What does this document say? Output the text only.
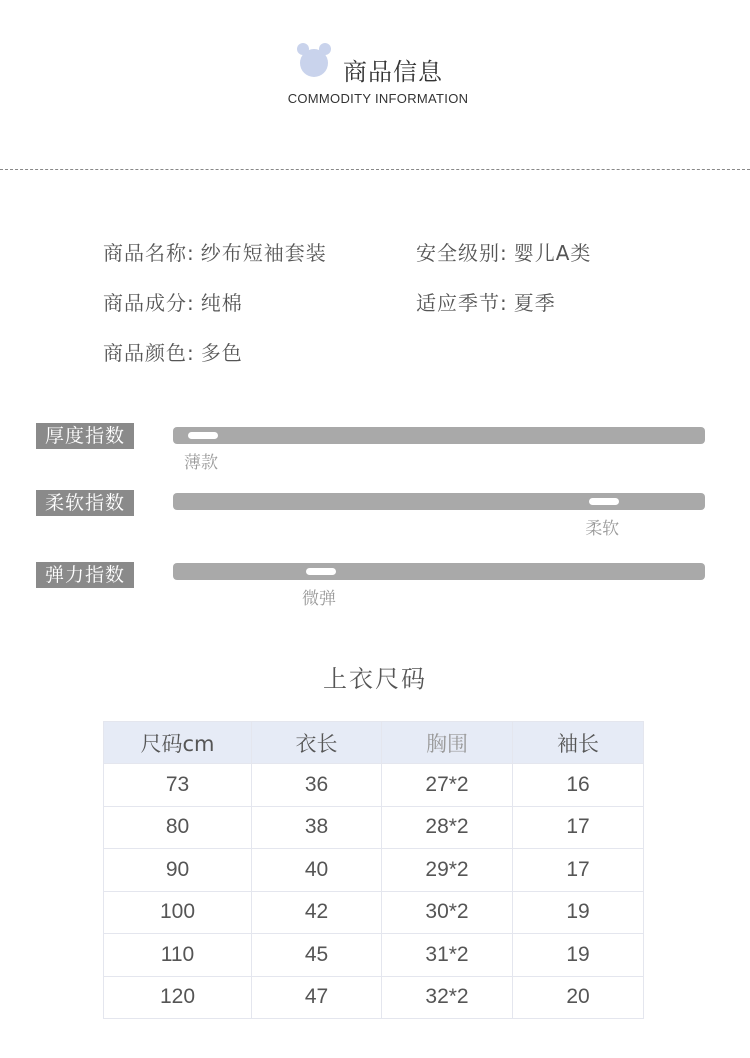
商品信息
COMMODITY INFORMATION
商品名称: 纱布短袖套装	安全级别: 婴儿A类
商品成分: 纯棉	适应季节: 夏季
商品颜色: 多色
厚度指数
薄款
柔软指数
柔软
弹力指数
微弹
上衣尺码
尺码cm	衣长	胸围	袖长
73	36	27*2	16
80	38	28*2	17
90	40	29*2	17
100	42	30*2	19
110	45	31*2	19
120	47	32*2	20
